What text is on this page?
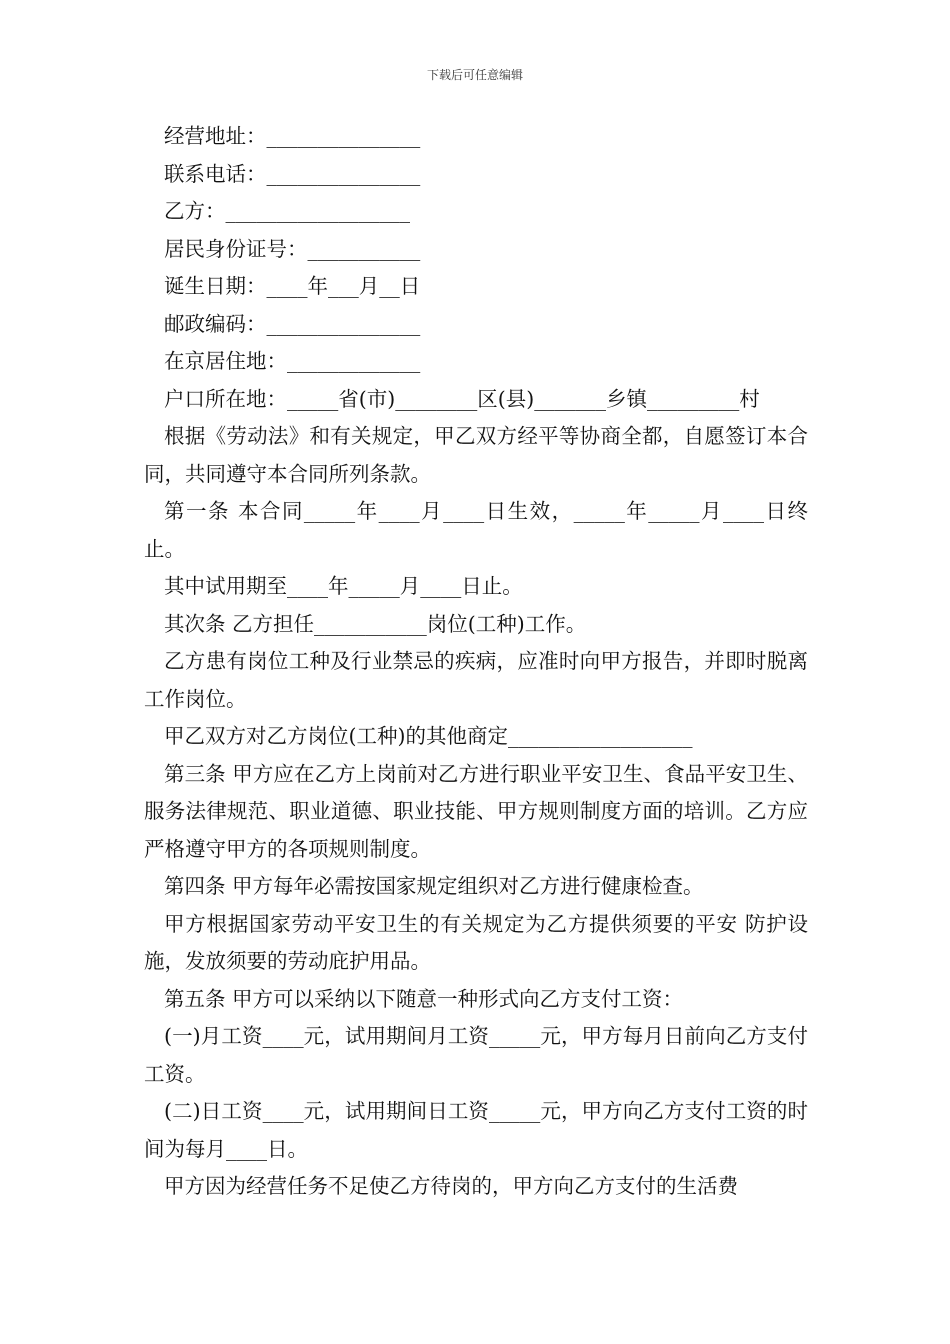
下载后可任意编辑
经营地址：_______________
联系电话：_______________
乙方：__________________
居民身份证号：___________
诞生日期：____年___月__日
邮政编码：_______________
在京居住地：_____________
户口所在地：_____省(市)________区(县)_______乡镇_________村
根据《劳动法》和有关规定，甲乙双方经平等协商全都，自愿签订本合同，共同遵守本合同所列条款。
第一条 本合同_____年____月____日生效，_____年_____月____日终止。
其中试用期至____年_____月____日止。
其次条 乙方担任___________岗位(工种)工作。
乙方患有岗位工种及行业禁忌的疾病，应准时向甲方报告，并即时脱离工作岗位。
甲乙双方对乙方岗位(工种)的其他商定__________________
第三条 甲方应在乙方上岗前对乙方进行职业平安卫生、食品平安卫生、服务法律规范、职业道德、职业技能、甲方规则制度方面的培训。乙方应严格遵守甲方的各项规则制度。
第四条 甲方每年必需按国家规定组织对乙方进行健康检查。
甲方根据国家劳动平安卫生的有关规定为乙方提供须要的平安 防护设施，发放须要的劳动庇护用品。
第五条 甲方可以采纳以下随意一种形式向乙方支付工资：
(一)月工资____元，试用期间月工资_____元，甲方每月日前向乙方支付工资。
(二)日工资____元，试用期间日工资_____元，甲方向乙方支付工资的时间为每月____日。
甲方因为经营任务不足使乙方待岗的，甲方向乙方支付的生活费
